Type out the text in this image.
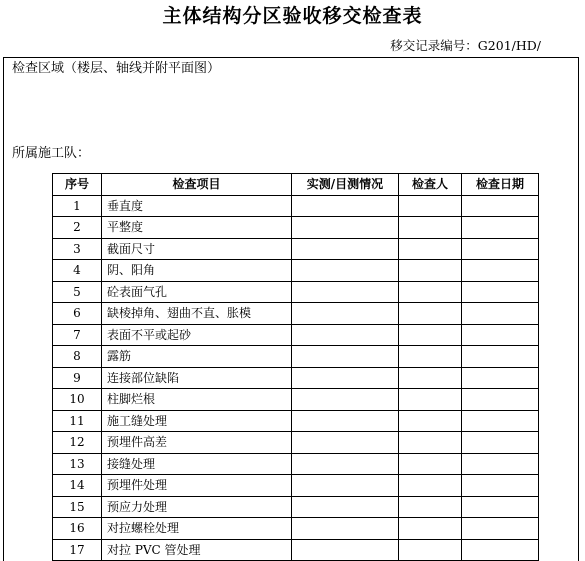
主体结构分区验收移交检查表
移交记录编号：G201/HD/
检查区域（楼层、轴线并附平面图）
所属施工队：
序号	检查项目	实测/目测情况	检查人	检查日期
1	垂直度			
2	平整度			
3	截面尺寸			
4	阴、阳角			
5	砼表面气孔			
6	缺棱掉角、翅曲不直、胀模			
7	表面不平或起砂			
8	露筋			
9	连接部位缺陷			
10	柱脚烂根			
11	施工缝处理			
12	预埋件高差			
13	接缝处理			
14	预埋件处理			
15	预应力处理			
16	对拉螺栓处理			
17	对拉 PVC 管处理			
